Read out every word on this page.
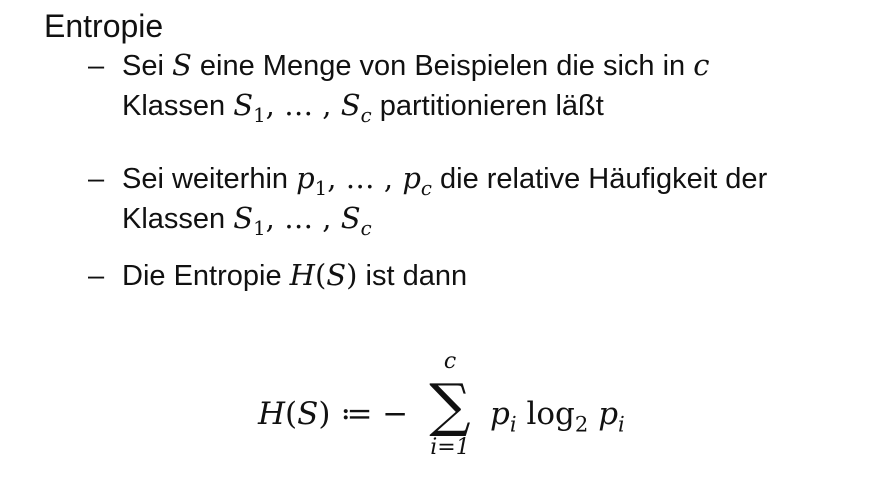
Entropie
– Sei S eine Menge von Beispielen die sich in c
Klassen $S_1$, … , $S_c$ partitionieren läßt
– Sei weiterhin $p_1$, … , $p_c$ die relative Häufigkeit der
Klassen $S_1$, … , $S_c$
– Die Entropie H(S) ist dann
H(S) ≔ −
c
∑
i=1
$p_i$ $\log_2 p_i$
